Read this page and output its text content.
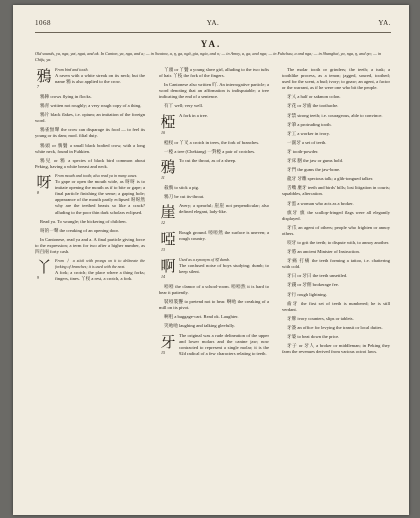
1068	YA.	YA.
YA.
Old sounds, ya, nga, yat, ngat, and ak. In Canton, ya, nga, and a; — in Swatow, a, ŋ, ga, ngā, gia, ngia, and o; — in Amoy, a, ga, and nga; — in Fuhchau, a and nga; — in Shanghai, ya, nga, ŋ, and ŋo; — in Chifu, ya.
鴉
7

From bird and tooth.

A raven with a white streak on its neck; but the name 鴉 is also applied to the crow.

鴉陣 crows flying in flocks.

鴉青 written not roughly; a very rough copy of a thing.

鴉片 black flakes, i.e. opium; an imitation of the foreign word.

鴉雀無聲 the crow can disparage its food — to feel its young or its dam; mod. filial duty.

鴉頭 or 鴉鬟 a small black bodied crow, with a long white neck, found in Fuhkien.

鴉兒 or 鴉 a species of black bird common about Peking, having a white breast and neck.

呀
8

From mouth and tooth; also read ya in many cases.

To gape or open the mouth wide, as 呀呀 is to imitate opening the mouth as if to bite or gape; a final particle finishing the sense; a gaping hole; appearance of the mouth partly eclipsed 呀呀然 why are the teethed beasts so like a crack? alluding to the poor thin dark scholars eclipsed.

Read ya. To wrangle; the bickering of children.

呀的一聲 the creaking of an opening door.

In Cantonese, read ya and a. A final particle giving force to the expression; a term for two after a higher number, as 四百兩 forty cash.

丫
9

From 丨 a stick with prongs on it to delineate the forking of branches; it is used with the next.

A fork; a crotch; the place where a thing forks; fingers, tines. 丫杈 a rest, a crotch, a fork.

丫頭 or 丫鬟 a young slave girl, alluding to the two tufts of hair. 丫枝 the fork of the fingers.

In Cantonese also written 吖. An interrogative particle; a word denoting that an affirmation is indisputable; a tree indicating the end of a sentence.

有丫 well; very well.

椏
10

A fork in a tree.

椏杈 or 丫叉 a crotch in trees, the fork of branches.

一椏 a tree (Chekiang) 一對椏 a pair of crotches.

鴉
11

To cut the throat, as of a sheep.

殺鴉 to stick a pig.

鴉刀 be cut its-throat.

崖
12

Avery; a spearful; 崖崖 not perpendicular; also defined elegant, lady-like.

啞
13

Rough ground. 啞啞然 the surface is uneven; a rough country.

啊
14

Used as a synonym of 啞 dumb.

The confused noise of boys studying; dumb; to keep silent.

啞啞 the clamor of a school-room. 啞啞然 it is hard to bear it patiently.

裝啞裝聾 to pretend not to hear. 啊吔 the creaking of a mill on its pivot.

啊咀 a baggage-cart. Read ok. Laughter.

笑吔吔 laughing and talking gleefully.

牙
15

The original was a rude delineation of the upper and lower molars and the canine jaw; now contracted to represent a single molar; it is the 92d radical of a few characters relating to teeth.

The molar tooth or grinders; the teeth; a tusk; a toothlike process, as a tenon; jagged, soured, toothed; used for the scent, a bud; ivory; to gnaw; an agent, a factor or the warrant, as if he were one who bit the people.

牙乂 a half or sakmon colon.

牙花 or 牙齒 the toothache.

牙禁 strong teeth; i.e. courageous, able to convince.

牙筆 a protruding tooth.

牙工 a worker in ivory.

一副牙 a set of teeth.

牙 tooth-powder.

牙床 胭 the jaw or gums hold.

牙門 the gums the jaw-bone.

龍牙 牙雕 specious talk; a glib-tongued talker.

舌嘴 麼牙 teeth and birds' bills; lost litigation in courts; squabbles, altercation.

牙蛋 a woman who acts as a broker.

旗牙 旗 the scallop-fringed flags were all elegantly displayed.

牙爪 an agent of others; people who frighten or annoy others.

咬牙 to grit the teeth; to dispute with, to annoy another.

牙將 an ancient Minister of Instruction.

牙痛 打痛 the teeth forming a tattoo, i.e. chattering with cold.

牙日 or 牙曰 the teeth unsettled.

牙錢 or 牙佣 brokerage fee.

牙行 rough lightning.

齒牙 the first set of teeth is numbered; he is still verdant.

牙牌 ivory counters, slips or tablets.

牙簽 an office for levying the transit or local duties.

牙婆 to beat down the price.

牙子 or 牙人 a broker or middleman; in Peking they farm the revenues derived from various octroi laws.
